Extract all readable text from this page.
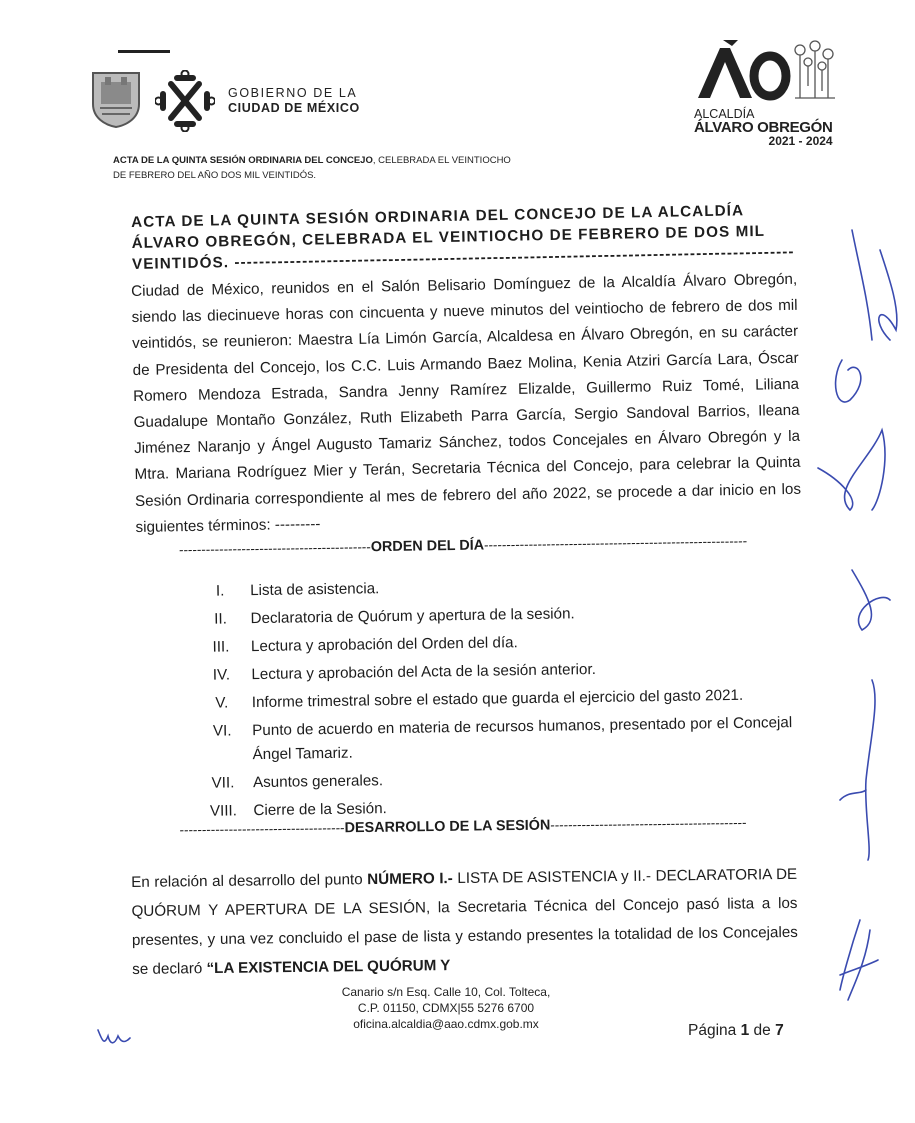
GOBIERNO DE LA
CIUDAD DE MÉXICO	ALCALDÍA
ÁLVARO OBREGÓN
2021 - 2024
ACTA DE LA QUINTA SESIÓN ORDINARIA DEL CONCEJO, CELEBRADA EL VEINTIOCHO
DE FEBRERO DEL AÑO DOS MIL VEINTIDÓS.
ACTA DE LA QUINTA SESIÓN ORDINARIA DEL CONCEJO DE LA ALCALDÍA ÁLVARO OBREGÓN, CELEBRADA EL VEINTIOCHO DE FEBRERO DE DOS MIL VEINTIDÓS. -------------------------------------------------------------------------------------------
Ciudad de México, reunidos en el Salón Belisario Domínguez de la Alcaldía Álvaro Obregón, siendo las diecinueve horas con cincuenta y nueve minutos del veintiocho de febrero de dos mil veintidós, se reunieron: Maestra Lía Limón García, Alcaldesa en Álvaro Obregón, en su carácter de Presidenta del Concejo, los C.C. Luis Armando Baez Molina, Kenia Atziri García Lara, Óscar Romero Mendoza Estrada, Sandra Jenny Ramírez Elizalde, Guillermo Ruiz Tomé, Liliana Guadalupe Montaño González, Ruth Elizabeth Parra García, Sergio Sandoval Barrios, Ileana Jiménez Naranjo y Ángel Augusto Tamariz Sánchez, todos Concejales en Álvaro Obregón y la Mtra. Mariana Rodríguez Mier y Terán, Secretaria Técnica del Concejo, para celebrar la Quinta Sesión Ordinaria correspondiente al mes de febrero del año 2022, se procede a dar inicio en los siguientes términos: ---------
-------------------------------------------ORDEN DEL DÍA-----------------------------------------------------------
I.	Lista de asistencia.
II.	Declaratoria de Quórum y apertura de la sesión.
III.	Lectura y aprobación del Orden del día.
IV.	Lectura y aprobación del Acta de la sesión anterior.
V.	Informe trimestral sobre el estado que guarda el ejercicio del gasto 2021.
VI.	Punto de acuerdo en materia de recursos humanos, presentado por el Concejal Ángel Tamariz.
VII.	Asuntos generales.
VIII.	Cierre de la Sesión.
-------------------------------------DESARROLLO DE LA SESIÓN--------------------------------------------
En relación al desarrollo del punto NÚMERO I.- LISTA DE ASISTENCIA y II.- DECLARATORIA DE QUÓRUM Y APERTURA DE LA SESIÓN, la Secretaria Técnica del Concejo pasó lista a los presentes, y una vez concluido el pase de lista y estando presentes la totalidad de los Concejales se declaró “LA EXISTENCIA DEL QUÓRUM Y
Canario s/n Esq. Calle 10, Col. Tolteca,
C.P. 01150, CDMX|55 5276 6700
oficina.alcaldia@aao.cdmx.gob.mx	Página 1 de 7
